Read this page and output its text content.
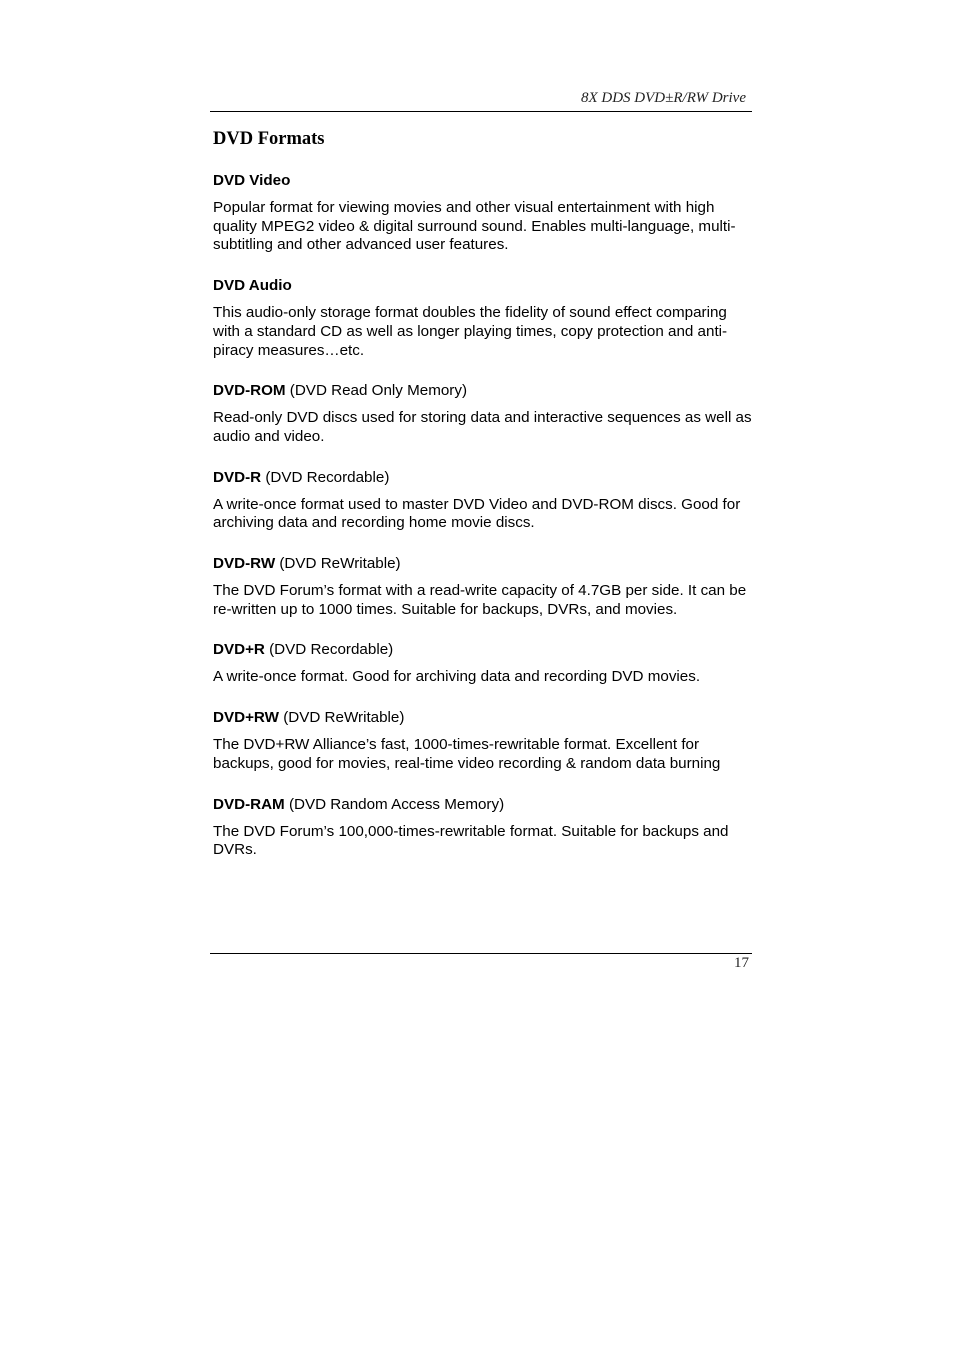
8X DDS DVD±R/RW Drive
DVD Formats

DVD Video

Popular format for viewing movies and other visual entertainment with high quality MPEG2 video & digital surround sound. Enables multi-language, multi-subtitling and other advanced user features.

DVD Audio

This audio-only storage format doubles the fidelity of sound effect comparing with a standard CD as well as longer playing times, copy protection and anti-piracy measures…etc.

DVD-ROM (DVD Read Only Memory)

Read-only DVD discs used for storing data and interactive sequences as well as audio and video.

DVD-R (DVD Recordable)

A write-once format used to master DVD Video and DVD-ROM discs. Good for archiving data and recording home movie discs.

DVD-RW (DVD ReWritable)

The DVD Forum’s format with a read-write capacity of 4.7GB per side. It can be re-written up to 1000 times. Suitable for backups, DVRs, and movies.

DVD+R (DVD Recordable)

A write-once format. Good for archiving data and recording DVD movies.

DVD+RW (DVD ReWritable)

The DVD+RW Alliance’s fast, 1000-times-rewritable format. Excellent for backups, good for movies, real-time video recording & random data burning

DVD-RAM (DVD Random Access Memory)

The DVD Forum’s 100,000-times-rewritable format. Suitable for backups and DVRs.

17
